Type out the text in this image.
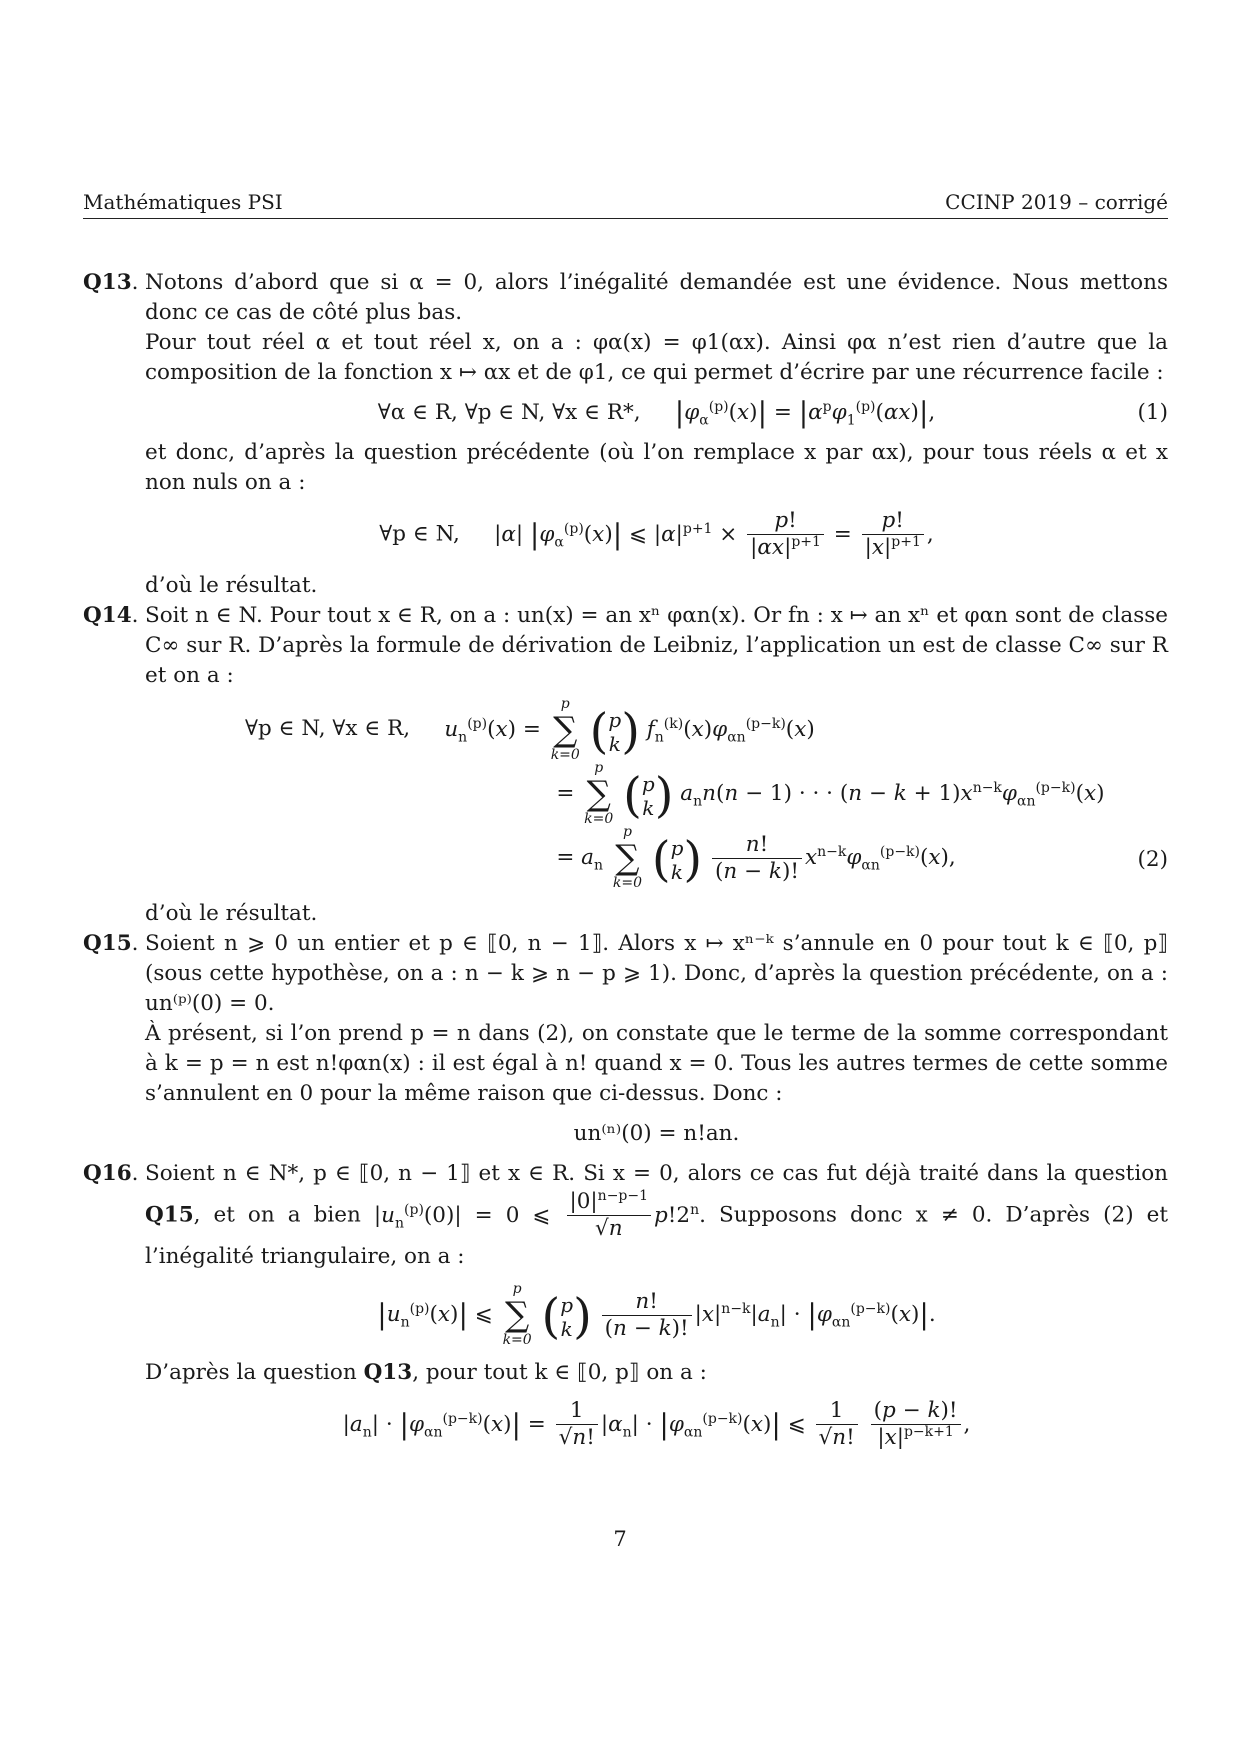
Mathématiques PSI	CCINP 2019 – corrigé
Q13. Notons d’abord que si α = 0, alors l’inégalité demandée est une évidence. Nous mettons donc ce cas de côté plus bas.

Pour tout réel α et tout réel x, on a : φα(x) = φ1(αx). Ainsi φα n’est rien d’autre que la composition de la fonction x ↦ αx et de φ1, ce qui permet d’écrire par une récurrence facile :

∀α ∈ R, ∀p ∈ N, ∀x ∈ R*, $|\varphi_\alpha^{(p)}(x)| = |\alpha^p\varphi_1^{(p)}(\alpha x)|$,	(1)

et donc, d’après la question précédente (où l’on remplace x par αx), pour tous réels α et x non nuls on a :

∀p ∈ N, |α| $|\varphi_\alpha^{(p)}(x)|$ ⩽ $|\alpha|^{p+1} \times \frac{p!}{|\alpha x|^{p+1}} = \frac{p!}{|x|^{p+1}}$ ,

d’où le résultat.

Q14. Soit n ∈ N. Pour tout x ∈ R, on a : un(x) = an xⁿ φαn(x). Or fn : x ↦ an xⁿ et φαn sont de classe C∞ sur R. D’après la formule de dérivation de Leibniz, l’application un est de classe C∞ sur R et on a :

∀p ∈ N, ∀x ∈ R, $u_n^{(p)}(x)$ =
p
∑
k=0 (p
k) $f_n^{(k)}(x)\varphi_{\alpha n}^{(p-k)}(x)$
=
p
∑
k=0 (p
k) $a_nn(n - 1)$ · · · $(n - k + 1)x^{n-k}\varphi_{\alpha n}^{(p-k)}(x)$
= $a_n$
p
∑
k=0 (p
$k) \frac{n!}{(n - k)!} x^{n-k}\varphi_{\alpha n}^{(p-k)}(x)$,	(2)

d’où le résultat.

Q15. Soient n ⩾ 0 un entier et p ∈ ⟦0, n − 1⟧. Alors x ↦ xⁿ⁻ᵏ s’annule en 0 pour tout k ∈ ⟦0, p⟧ (sous cette hypothèse, on a : n − k ⩾ n − p ⩾ 1). Donc, d’après la question précédente, on a : un⁽ᵖ⁾(0) = 0.

À présent, si l’on prend p = n dans (2), on constate que le terme de la somme correspondant à k = p = n est n!φαn(x) : il est égal à n! quand x = 0. Tous les autres termes de cette somme s’annulent en 0 pour la même raison que ci-dessus. Donc :

un⁽ⁿ⁾(0) = n!an.
Q16. Soient n ∈ N*, p ∈ ⟦0, n − 1⟧ et x ∈ R. Si x = 0, alors ce cas fut déjà traité dans la question Q15, et on a bien $|u_n^{(p)}(0)| = 0$ ⩽ $\frac{|0|^{n-p-1}}{√n} p!2^n$. Supposons donc x ≠ 0. D’après (2) et l’inégalité triangulaire, on a :

$|u_n^{(p)}(x)|$ ⩽
p
∑
k=0 (p
$k) \frac{n!}{(n - k)!} |x|^{n-k}|a_n| \cdot |\varphi_{\alpha n}^{(p-k)}(x)|$.

D’après la question Q13, pour tout k ∈ ⟦0, p⟧ on a :

$|a_n| \cdot |\varphi_{\alpha n}^{(p-k)}(x)| = \frac{1}{√n!} |\alpha_n| \cdot |\varphi_{\alpha n}^{(p-k)}(x)|$ ⩽ $\frac{1}{√n!}$
$\frac{(p - k)!}{|x|^{p-k+1}}$ ,
7
